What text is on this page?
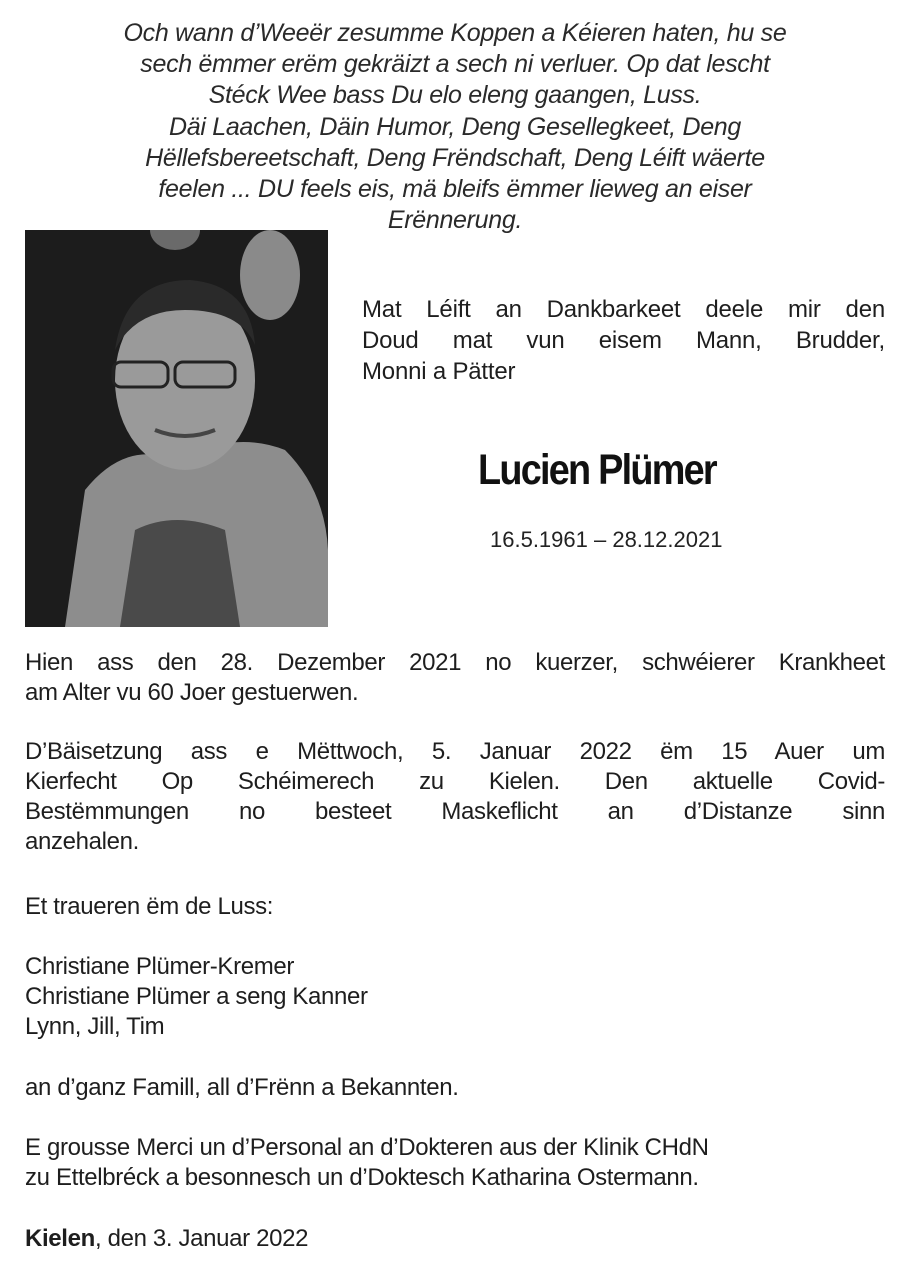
Och wann d’Weeër zesumme Koppen a Kéieren haten, hu se
sech ëmmer erëm gekräizt a sech ni verluer. Op dat lescht
Stéck Wee bass Du elo eleng gaangen, Luss.
Däi Laachen, Däin Humor, Deng Gesellegkeet, Deng
Hëllefsbereetschaft, Deng Frëndschaft, Deng Léift wäerte
feelen ... DU feels eis, mä bleifs ëmmer lieweg an eiser
Erënnerung.
Mat Léift an Dankbarkeet deele mir den
Doud mat vun eisem Mann, Brudder,
Monni a Pätter
Lucien Plümer
16.5.1961 – 28.12.2021
Hien ass den 28. Dezember 2021 no kuerzer, schwéierer Krankheet
am Alter vu 60 Joer gestuerwen.
D’Bäisetzung ass e Mëttwoch, 5. Januar 2022 ëm 15 Auer um
Kierfecht Op Schéimerech zu Kielen. Den aktuelle Covid-
Bestëmmungen no besteet Maskeflicht an d’Distanze sinn
anzehalen.
Et traueren ëm de Luss:
Christiane Plümer-Kremer
Christiane Plümer a seng Kanner
Lynn, Jill, Tim
an d’ganz Famill, all d’Frënn a Bekannten.
E grousse Merci un d’Personal an d’Dokteren aus der Klinik CHdN
zu Ettelbréck a besonnesch un d’Doktesch Katharina Ostermann.
Kielen, den 3. Januar 2022
